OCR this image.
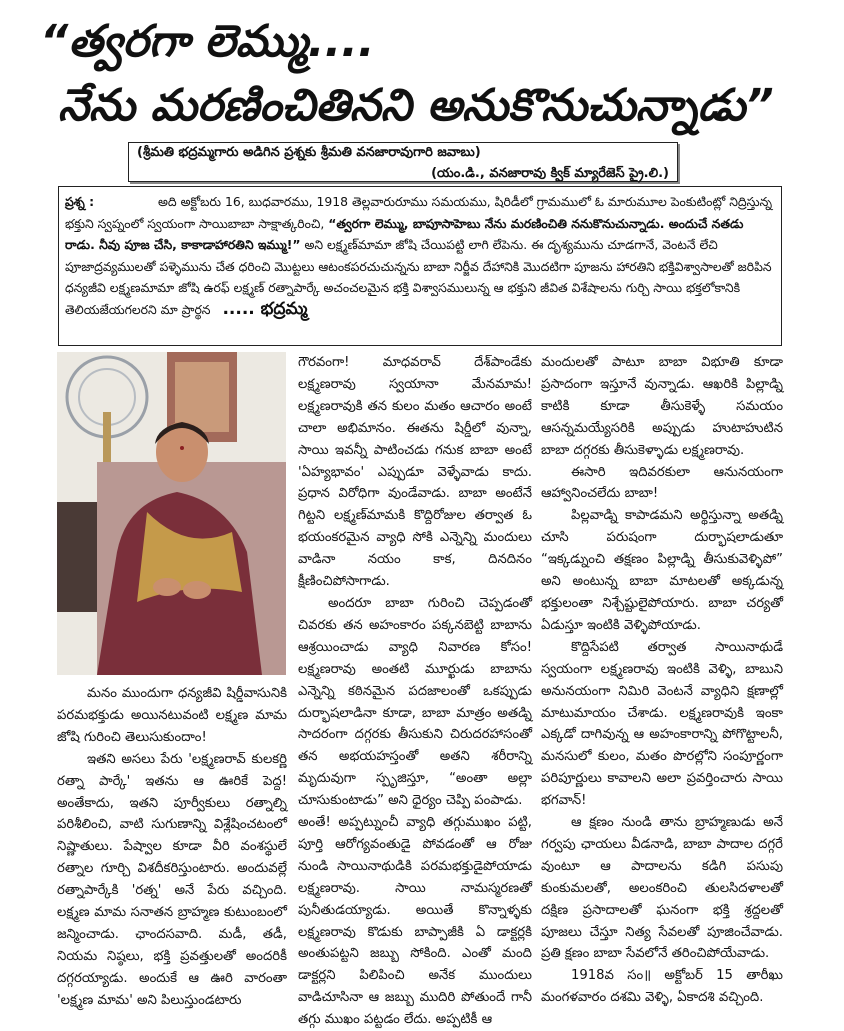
“త్వరగా లెమ్ము....
నేను మరణించితినని అనుకొనుచున్నాడు”
(శ్రీమతి భద్రమ్మగారు అడిగిన ప్రశ్నకు శ్రీమతి వనజారావుగారి జవాబు)
(యం.డి., వనజారావు క్విక్ మ్యారేజెస్ ప్రై.లి.)
ప్రశ్న :	అది అక్టోబరు 16, బుధవారము, 1918 తెల్లవారురూము సమయము, షిరిడీలో గ్రామములో ఓ మారుమూల పెంకుటింట్లో నిద్రిస్తున్న భక్తుని స్వప్నంలో స్వయంగా సాయిబాబా సాక్షాత్కరించి, “త్వరగా లెమ్ము, బాపూసాహెబు నేను మరణించితి ననుకొనుచున్నాడు. అందుచే నతడు రాడు. నీవు పూజ చేసి, కాకాడాహారతిని ఇమ్ము!” అని లక్ష్మణ్‌మామా జోషి చేయిపట్టి లాగి లేపెను. ఈ దృశ్యమును చూడగానే, వెంటనే లేచి పూజాద్రవ్యములతో పళ్ళెమును చేత ధరించి మొట్టలు ఆటంకపరచుచున్నను బాబా నిర్జీవ దేహానికి మొదటిగా పూజను హారతిని భక్తివిశ్వాసాలతో జరిపిన ధన్యజీవి లక్ష్మణమామా జోషి ఉరఫ్ లక్ష్మణ్ రత్నాపార్కే అచంచలమైన భక్తి విశ్వాసములున్న ఆ భక్తుని జీవిత విశేషాలను గుర్చి సాయి భక్తలోకానికి తెలియజేయగలరని మా ప్రార్థన ..... భద్రమ్మ

మనం ముందుగా ధన్యజీవి షిర్డీవాసునికి పరమభక్తుడు అయినటువంటి లక్ష్మణ మామ జోషి గురించి తెలుసుకుందాం!

ఇతని అసలు పేరు 'లక్ష్మణరావ్ కులకర్ణి రత్నా పార్కే' ఇతను ఆ ఊరికే పెద్ద! అంతేకాదు, ఇతని పూర్వీకులు రత్నాల్ని పరిశీలించి, వాటి సుగుణాన్ని విశ్లేషించటంలో నిష్ణాతులు. పేష్వాల కూడా వీరి వంశస్థులే రత్నాల గూర్చి విశదీకరిస్తుంటారు. అందువల్లే రత్నాపార్కేకి 'రత్న' అనే పేరు వచ్చింది. లక్ష్మణ మామ సనాతన బ్రాహ్మణ కుటుంబంలో జన్మించాడు. ఛాందసవాది. మడీ, తడీ, నియమ నిష్ఠలు, భక్తి ప్రవత్తులతో అందరికీ దగ్గరయ్యాడు. అందుకే ఆ ఊరి వారంతా 'లక్ష్మణ మామ' అని పిలుస్తుండటారు

గౌరవంగా! మాధవరావ్ దేశ్‌పాండేకు లక్ష్మణరావు స్వయానా మేనమామ! లక్ష్మణరావుకి తన కులం మతం ఆచారం అంటే చాలా అభిమానం. ఈతను షిర్డీలో వున్నా, సాయి ఇవన్నీ పాటించడు గనుక బాబా అంటే 'ఏహ్యభావం' ఎప్పుడూ వెళ్ళేవాడు కాదు. ప్రధాన విరోధిగా వుండేవాడు. బాబా అంటేనే గిట్టని లక్ష్మణ్‌మామకి కొద్దిరోజుల తర్వాత ఓ భయంకరమైన వ్యాధి సోకి ఎన్నెన్ని మందులు వాడినా నయం కాక, దినదినం క్షీణించిపోసాగాడు.

అందరూ బాబా గురించి చెప్పడంతో చివరకు తన అహంకారం పక్కనబెట్టి బాబాను ఆశ్రయించాడు వ్యాధి నివారణ కోసం! లక్ష్మణరావు అంతటి మూర్ఖుడు బాబాను ఎన్నెన్ని కఠినమైన పదజాలంతో ఒకప్పుడు దుర్భాషలాడినా కూడా, బాబా మాత్రం అతడ్ని సాదరంగా దగ్గరకు తీసుకుని చిరుదరహాసంతో తన అభయహస్తంతో అతని శరీరాన్ని మృదువుగా స్పృజిస్తూ, “అంతా అల్లా చూసుకుంటాడు” అని ధైర్యం చెప్పి పంపాడు.

అంతే! అప్పట్నుంచీ వ్యాధి తగ్గుముఖం పట్టి, పూర్తి ఆరోగ్యవంతుడై పోవడంతో ఆ రోజు నుండి సాయినాథుడికి పరమభక్తుడైపోయాడు లక్ష్మణరావు. సాయి నామస్మరణతో పునీతుడయ్యాడు. అయితే కొన్నాళ్ళకు లక్ష్మణరావు కొడుకు బాప్పాజీకి ఏ డాక్టర్లకి అంతుపట్టని జబ్బు సోకింది. ఎంతో మంది డాక్టర్లని పిలిపించి అనేక ముందులు వాడిచూసినా ఆ జబ్బు ముదిరి పోతుందే గానీ తగ్గు ముఖం పట్టడం లేదు. అప్పటికీ ఆ

మందులతో పాటూ బాబా విభూతి కూడా ప్రసాదంగా ఇస్తూనే వున్నాడు. ఆఖరికి పిల్లాడ్ని కాటికి కూడా తీసుకెళ్ళే సమయం ఆసన్నమయ్యేసరికి అప్పుడు హుటాహుటిన బాబా దగ్గరకు తీసుకెళ్ళాడు లక్ష్మణరావు.

ఈసారి ఇదివరకులా ఆనునయంగా ఆహ్వానించలేదు బాబా!

పిల్లవాడ్ని కాపాడమని అర్థిస్తున్నా అతడ్ని చూసి పరుషంగా దుర్భాషలాడుతూ “ఇక్కడ్నుంచి తక్షణం పిల్లాడ్ని తీసుకువెళ్ళిపో” అని అంటున్న బాబా మాటలతో అక్కడున్న భక్తులంతా నిశ్చేష్టులైపోయారు. బాబా చర్యతో ఏడుస్తూ ఇంటికి వెళ్ళిపోయాడు.

కొద్దిసేపటి తర్వాత సాయినాథుడే స్వయంగా లక్ష్మణరావు ఇంటికి వెళ్ళి, బాబుని అనునయంగా నిమిరి వెంటనే వ్యాధిని క్షణాల్లో మాటుమాయం చేశాడు. లక్ష్మణరావుకి ఇంకా ఎక్కడో దాగివున్న ఆ అహంకారాన్ని పోగొట్టాలనీ, మనసులో కులం, మతం పొరల్లోని సంపూర్ణంగా పరిపూర్ణులు కావాలని అలా ప్రవర్తించారు సాయి భగవాన్!

ఆ క్షణం నుండి తాను బ్రాహ్మణుడు అనే గర్వపు ఛాయలు వీడనాడి, బాబా పాదాల దగ్గరే వుంటూ ఆ పాదాలను కడిగి పసుపు కుంకుమలతో, అలంకరించి తులసిదళాలతో దక్షిణ ప్రసాదాలతో ఘనంగా భక్తి శ్రద్దలతో పూజలు చేస్తూ నిత్య సేవలతో పూజించేవాడు. ప్రతి క్షణం బాబా సేవలోనే తరించిపోయేవాడు.

1918వ సం॥ అక్టోబర్ 15 తారీఖు మంగళవారం దశమి వెళ్ళి, ఏకాదశి వచ్చింది.
